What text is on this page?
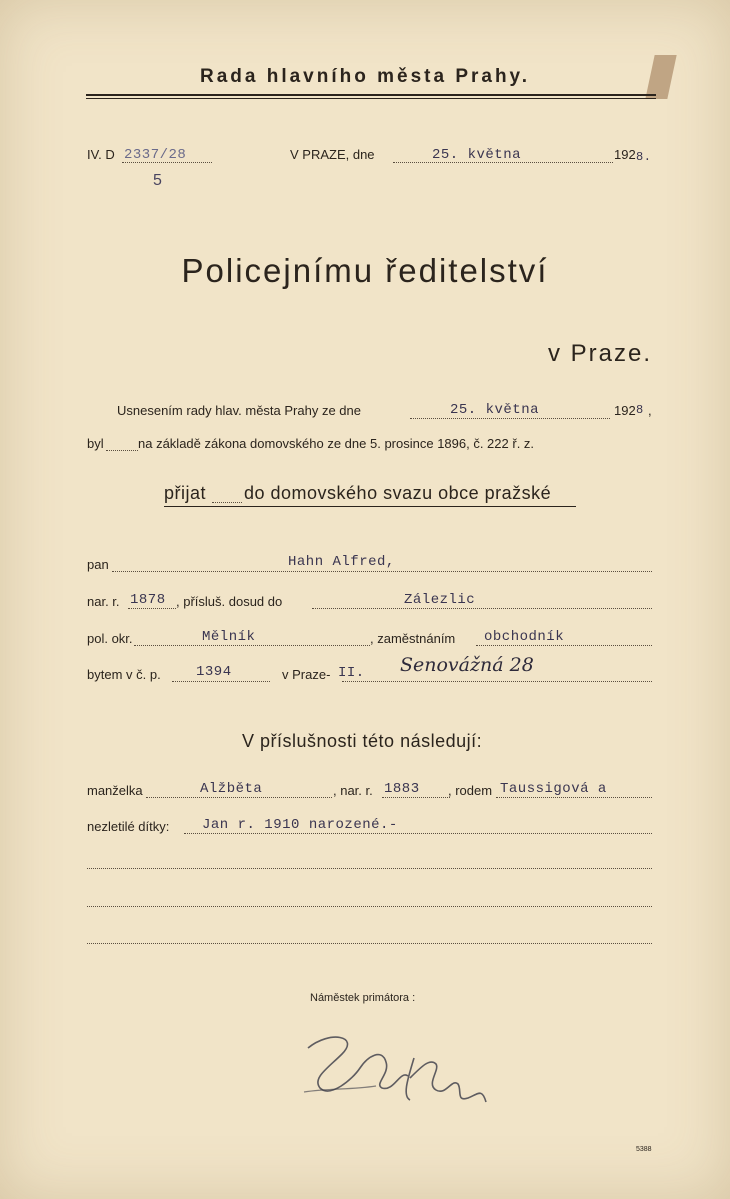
Rada hlavního města Prahy.
IV. D 2337/28
5
V PRAZE, dne	25. května	192 8.
Policejnímu ředitelství
v Praze.
Usnesením rady hlav. města Prahy ze dne	25. května	192 8 ,
byl	na základě zákona domovského ze dne 5. prosince 1896, č. 222 ř. z.
přijat do domovského svazu obce pražské
pan	Hahn Alfred,
nar. r. 1878 , přísluš. dosud do	Zálezlic
pol. okr.	Mělník	, zaměstnáním obchodník
bytem v č. p.	1394	v Praze- II. Senovážná 28
V příslušnosti této následují:
manželka	Alžběta	, nar. r. 1883 , rodem Taussigová a
nezletilé dítky: Jan r. 1910 narozené.-
Náměstek primátora :
5388
